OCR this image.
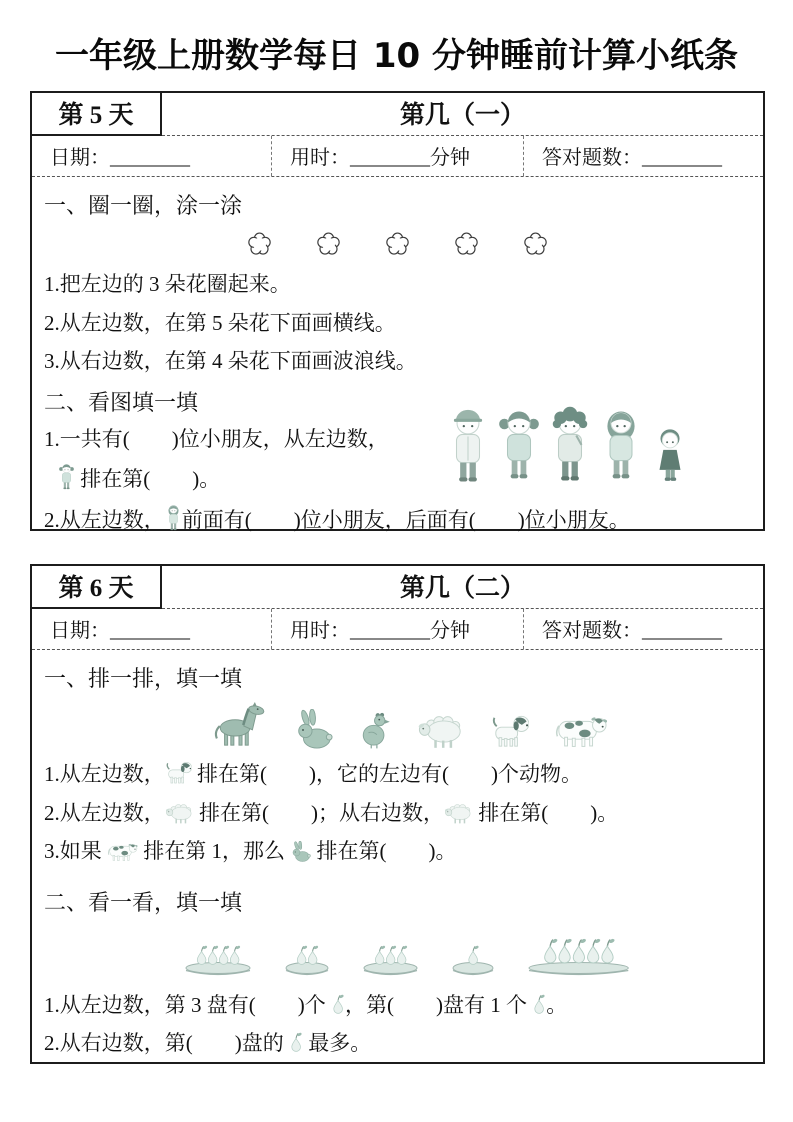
一年级上册数学每日 10 分钟睡前计算小纸条
第 5 天	第几（一）
日期：________	用时：________分钟	答对题数：________
一、圈一圈，涂一涂
1.把左边的 3 朵花圈起来。
2.从左边数，在第 5 朵花下面画横线。
3.从右边数，在第 4 朵花下面画波浪线。
二、看图填一填
1.一共有(　　)位小朋友，从左边数，
排在第(　　)。
2.从左边数， 前面有(　　)位小朋友，后面有(　　)位小朋友。
第 6 天	第几（二）
日期：________	用时：________分钟	答对题数：________
一、排一排，填一填
1.从左边数， 排在第(　　)，它的左边有(　　)个动物。
2.从左边数， 排在第(　　)；从右边数， 排在第(　　)。
3.如果  排在第 1，那么  排在第(　　)。
二、看一看，填一填
1.从左边数，第 3 盘有(　　)个 ，第(　　)盘有 1 个 。
2.从右边数，第(　　)盘的 最多。
